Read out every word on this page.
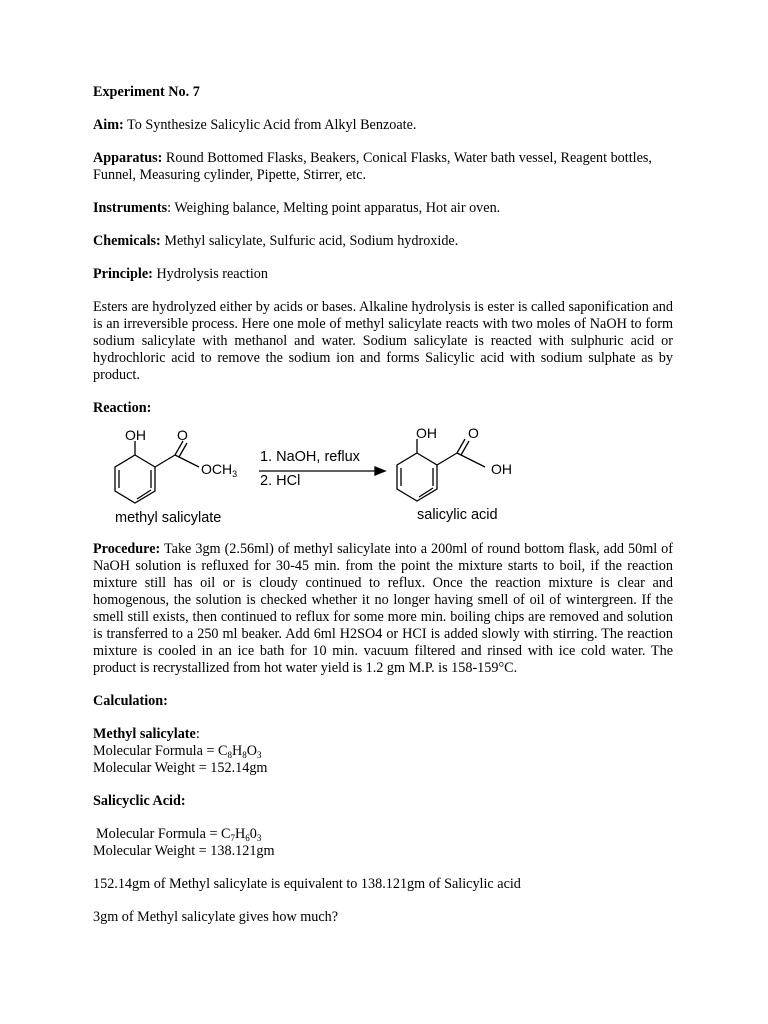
Experiment No. 7
Aim: To Synthesize Salicylic Acid from Alkyl Benzoate.
Apparatus: Round Bottomed Flasks, Beakers, Conical Flasks, Water bath vessel, Reagent bottles, Funnel, Measuring cylinder, Pipette, Stirrer, etc.
Instruments: Weighing balance, Melting point apparatus, Hot air oven.
Chemicals: Methyl salicylate, Sulfuric acid, Sodium hydroxide.
Principle: Hydrolysis reaction
Esters are hydrolyzed either by acids or bases. Alkaline hydrolysis is ester is called saponification and is an irreversible process. Here one mole of methyl salicylate reacts with two moles of NaOH to form sodium salicylate with methanol and water. Sodium salicylate is reacted with sulphuric acid or hydrochloric acid to remove the sodium ion and forms Salicylic acid with sodium sulphate as by product.
Reaction:
OH O
$OCH_3$
methyl salicylate
1. NaOH, reflux
2. HCl
OH O
OH
salicylic acid
Procedure: Take 3gm (2.56ml) of methyl salicylate into a 200ml of round bottom flask, add 50ml of NaOH solution is refluxed for 30-45 min. from the point the mixture starts to boil, if the reaction mixture still has oil or is cloudy continued to reflux. Once the reaction mixture is clear and homogenous, the solution is checked whether it no longer having smell of oil of wintergreen. If the smell still exists, then continued to reflux for some more min. boiling chips are removed and solution is transferred to a 250 ml beaker. Add 6ml H2SO4 or HCI is added slowly with stirring. The reaction mixture is cooled in an ice bath for 10 min. vacuum filtered and rinsed with ice cold water. The product is recrystallized from hot water yield is 1.2 gm M.P. is 158-159°C.
Calculation:
Methyl salicylate:
Molecular Formula = $C_8H_8O_3$
Molecular Weight = 152.14gm
Salicyclic Acid:
Molecular Formula = $C_7H_60_3$
Molecular Weight = 138.121gm
152.14gm of Methyl salicylate is equivalent to 138.121gm of Salicylic acid
3gm of Methyl salicylate gives how much?
